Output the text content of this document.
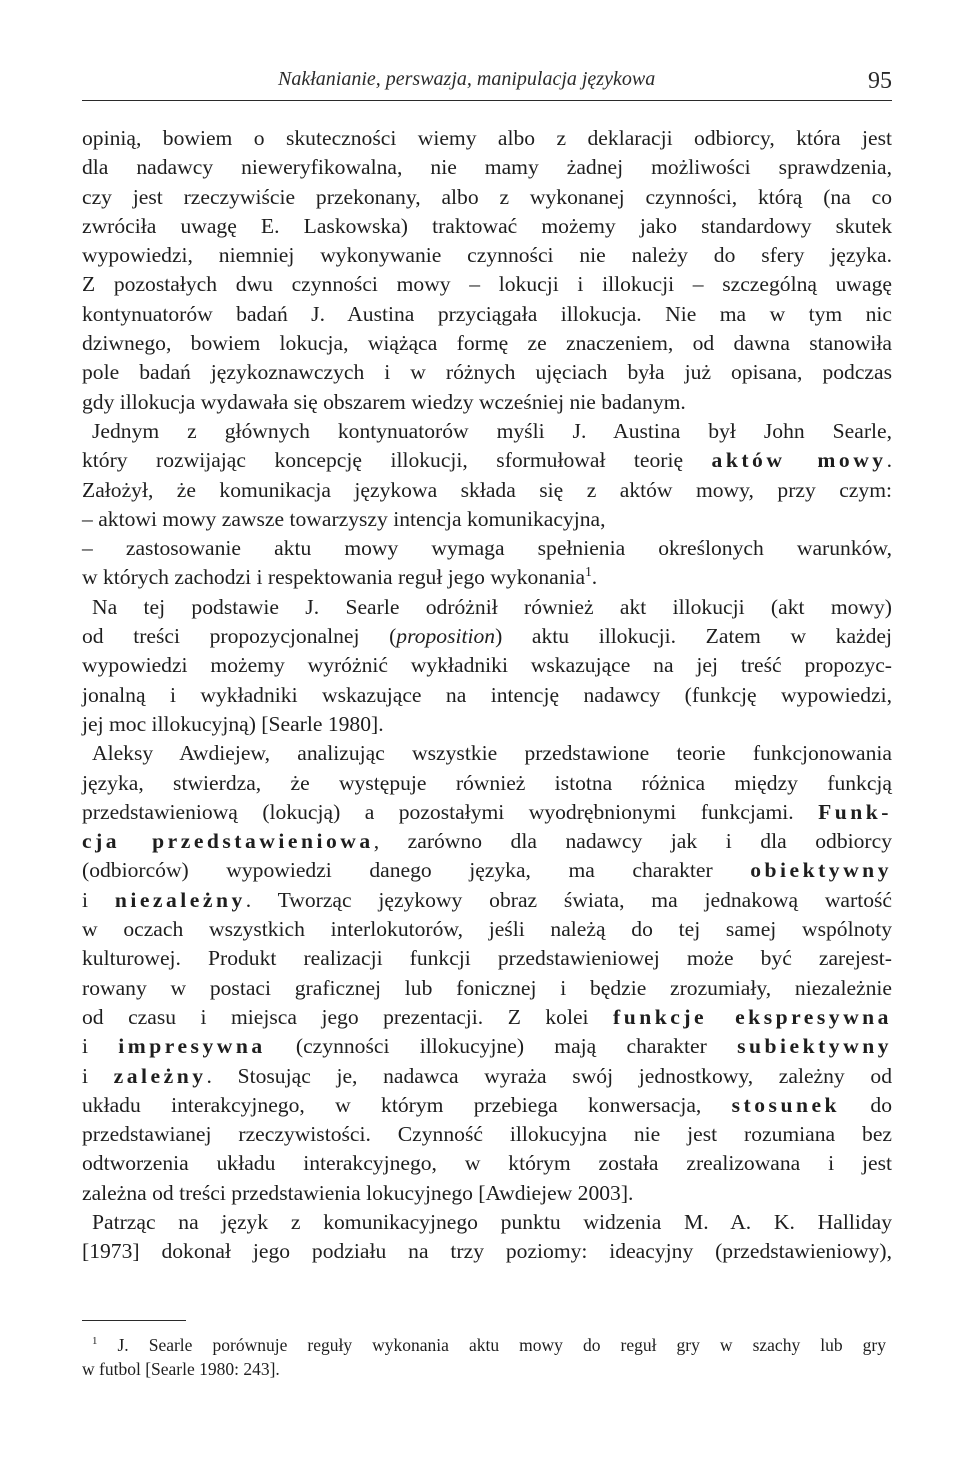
Nakłanianie, perswazja, manipulacja językowa	95
opinią, bowiem o skuteczności wiemy albo z deklaracji odbiorcy, która jest
dla nadawcy nieweryfikowalna, nie mamy żadnej możliwości sprawdzenia,
czy jest rzeczywiście przekonany, albo z wykonanej czynności, którą (na co
zwróciła uwagę E. Laskowska) traktować możemy jako standardowy skutek
wypowiedzi, niemniej wykonywanie czynności nie należy do sfery języka.
Z pozostałych dwu czynności mowy – lokucji i illokucji – szczególną uwagę
kontynuatorów badań J. Austina przyciągała illokucja. Nie ma w tym nic
dziwnego, bowiem lokucja, wiążąca formę ze znaczeniem, od dawna stanowiła
pole badań językoznawczych i w różnych ujęciach była już opisana, podczas
gdy illokucja wydawała się obszarem wiedzy wcześniej nie badanym.
Jednym z głównych kontynuatorów myśli J. Austina był John Searle,
który rozwijając koncepcję illokucji, sformułował teorię aktów mowy.
Założył, że komunikacja językowa składa się z aktów mowy, przy czym:
– aktowi mowy zawsze towarzyszy intencja komunikacyjna,
– zastosowanie aktu mowy wymaga spełnienia określonych warunków,
w których zachodzi i respektowania reguł jego wykonania$^1$.
Na tej podstawie J. Searle odróżnił również akt illokucji (akt mowy)
od treści propozycjonalnej (proposition) aktu illokucji. Zatem w każdej
wypowiedzi możemy wyróżnić wykładniki wskazujące na jej treść propozyc-
jonalną i wykładniki wskazujące na intencję nadawcy (funkcję wypowiedzi,
jej moc illokucyjną) [Searle 1980].
Aleksy Awdiejew, analizując wszystkie przedstawione teorie funkcjonowania
języka, stwierdza, że występuje również istotna różnica między funkcją
przedstawieniową (lokucją) a pozostałymi wyodrębnionymi funkcjami. Funk-
cja przedstawieniowa, zarówno dla nadawcy jak i dla odbiorcy
(odbiorców) wypowiedzi danego języka, ma charakter obiektywny
i niezależny. Tworząc językowy obraz świata, ma jednakową wartość
w oczach wszystkich interlokutorów, jeśli należą do tej samej wspólnoty
kulturowej. Produkt realizacji funkcji przedstawieniowej może być zarejest-
rowany w postaci graficznej lub fonicznej i będzie zrozumiały, niezależnie
od czasu i miejsca jego prezentacji. Z kolei funkcje ekspresywna
i impresywna (czynności illokucyjne) mają charakter subiektywny
i zależny. Stosując je, nadawca wyraża swój jednostkowy, zależny od
układu interakcyjnego, w którym przebiega konwersacja, stosunek do
przedstawianej rzeczywistości. Czynność illokucyjna nie jest rozumiana bez
odtworzenia układu interakcyjnego, w którym została zrealizowana i jest
zależna od treści przedstawienia lokucyjnego [Awdiejew 2003].
Patrząc na język z komunikacyjnego punktu widzenia M. A. K. Halliday
[1973] dokonał jego podziału na trzy poziomy: ideacyjny (przedstawieniowy),
$^1$ J. Searle porównuje reguły wykonania aktu mowy do reguł gry w szachy lub gry
w futbol [Searle 1980: 243].
